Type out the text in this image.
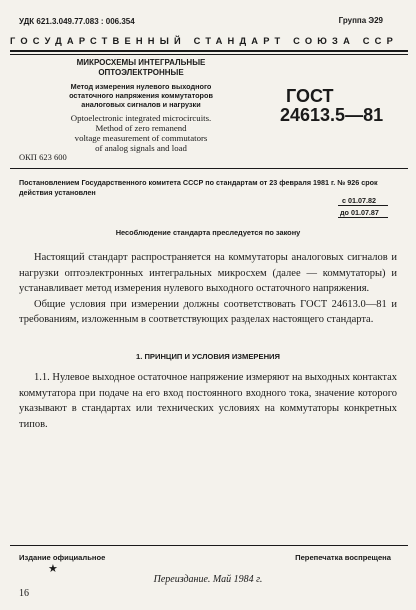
УДК 621.3.049.77.083 : 006.354	Группа Э29
ГОСУДАРСТВЕННЫЙ СТАНДАРТ СОЮЗА ССР
МИКРОСХЕМЫ ИНТЕГРАЛЬНЫЕ
ОПТОЭЛЕКТРОННЫЕ
Метод измерения нулевого выходного
остаточного напряжения коммутаторов
аналоговых сигналов и нагрузки
Optoelectronic integrated microcircuits.
Method of zero remanend
voltage measurement of commutators
of analog signals and load
ГОСТ
24613.5—81
ОКП 623 600
Постановлением Государственного комитета СССР по стандартам от 23 февраля 1981 г. № 926 срок действия установлен
с 01.07.82
до 01.07.87
Несоблюдение стандарта преследуется по закону

Настоящий стандарт распространяется на коммутаторы аналоговых сигналов и нагрузки оптоэлектронных интегральных микросхем (далее — коммутаторы) и устанавливает метод измерения нулевого выходного остаточного напряжения.

Общие условия при измерении должны соответствовать ГОСТ 24613.0—81 и требованиям, изложенным в соответствующих разделах настоящего стандарта.

1. ПРИНЦИП И УСЛОВИЯ ИЗМЕРЕНИЯ
1.1. Нулевое выходное остаточное напряжение измеряют на выходных контактах коммутатора при подаче на его вход постоянного входного тока, значение которого указывают в стандартах или технических условиях на коммутаторы конкретных типов.
Издание официальное
★
Перепечатка воспрещена
Переиздание. Май 1984 г.
16
